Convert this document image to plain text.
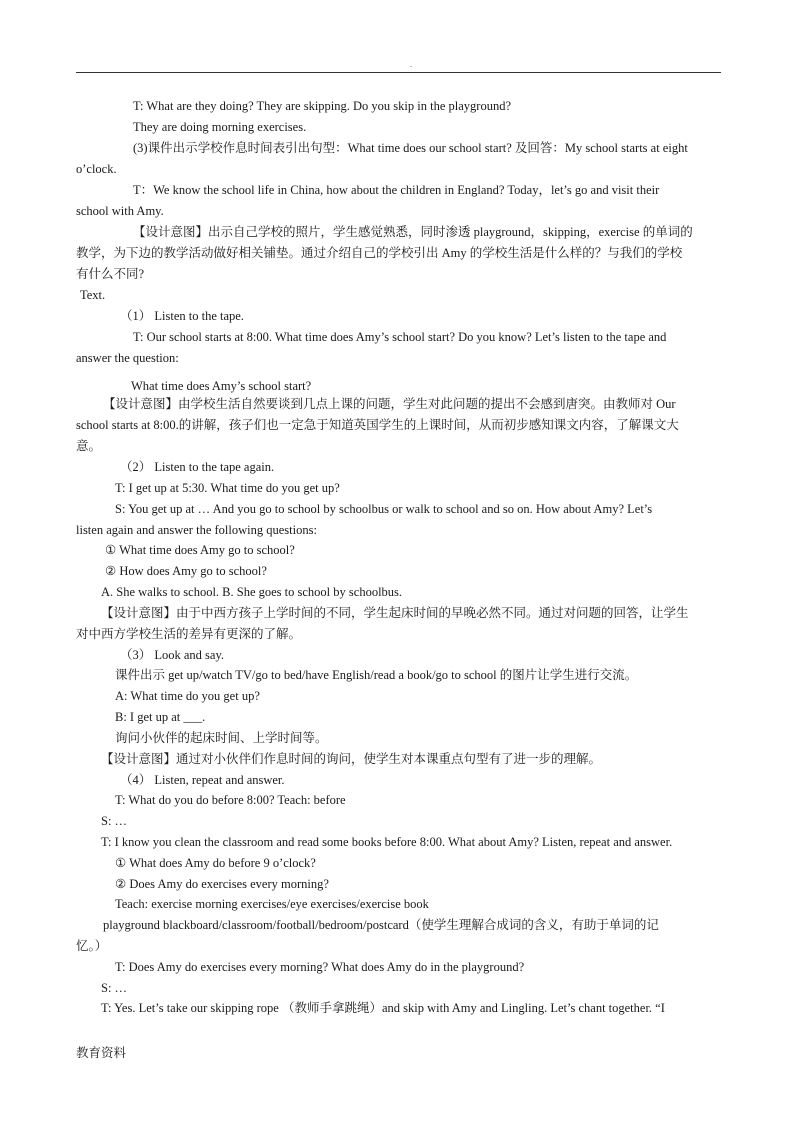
.
T: What are they doing? They are skipping. Do you skip in the playground?
They are doing morning exercises.
(3)课件出示学校作息时间表引出句型：What time does our school start? 及回答：My school starts at eight
o’clock.
T：We know the school life in China, how about the children in England? Today，let’s go and visit their
school with Amy.
【设计意图】出示自己学校的照片，学生感觉熟悉，同时渗透 playground，skipping，exercise 的单词的
教学，为下边的教学活动做好相关铺垫。通过介绍自己的学校引出 Amy 的学校生活是什么样的？与我们的学校
有什么不同?
Text.
（1） Listen to the tape.
T: Our school starts at 8:00. What time does Amy’s school start? Do you know? Let’s listen to the tape and
answer the question:
What time does Amy’s school start?
【设计意图】由学校生活自然要谈到几点上课的问题，学生对此问题的提出不会感到唐突。由教师对 Our
school starts at 8:00.的讲解，孩子们也一定急于知道英国学生的上课时间，从而初步感知课文内容，了解课文大
意。
（2） Listen to the tape again.
T: I get up at 5:30. What time do you get up?
S: You get up at … And you go to school by schoolbus or walk to school and so on. How about Amy? Let’s
listen again and answer the following questions:
① What time does Amy go to school?
② How does Amy go to school?
A. She walks to school. B. She goes to school by schoolbus.
【设计意图】由于中西方孩子上学时间的不同，学生起床时间的早晚必然不同。通过对问题的回答，让学生
对中西方学校生活的差异有更深的了解。
（3） Look and say.
课件出示 get up/watch TV/go to bed/have English/read a book/go to school 的图片让学生进行交流。
A: What time do you get up?
B: I get up at ___.
询问小伙伴的起床时间、上学时间等。
【设计意图】通过对小伙伴们作息时间的询问，使学生对本课重点句型有了进一步的理解。
（4） Listen, repeat and answer.
T: What do you do before 8:00? Teach: before
S: …
T: I know you clean the classroom and read some books before 8:00. What about Amy? Listen, repeat and answer.
① What does Amy do before 9 o’clock?
② Does Amy do exercises every morning?
Teach: exercise morning exercises/eye exercises/exercise book
playground blackboard/classroom/football/bedroom/postcard（使学生理解合成词的含义，有助于单词的记
忆。）
T: Does Amy do exercises every morning? What does Amy do in the playground?
S: …
T: Yes. Let’s take our skipping rope （教师手拿跳绳）and skip with Amy and Lingling. Let’s chant together. “I
教育资料
